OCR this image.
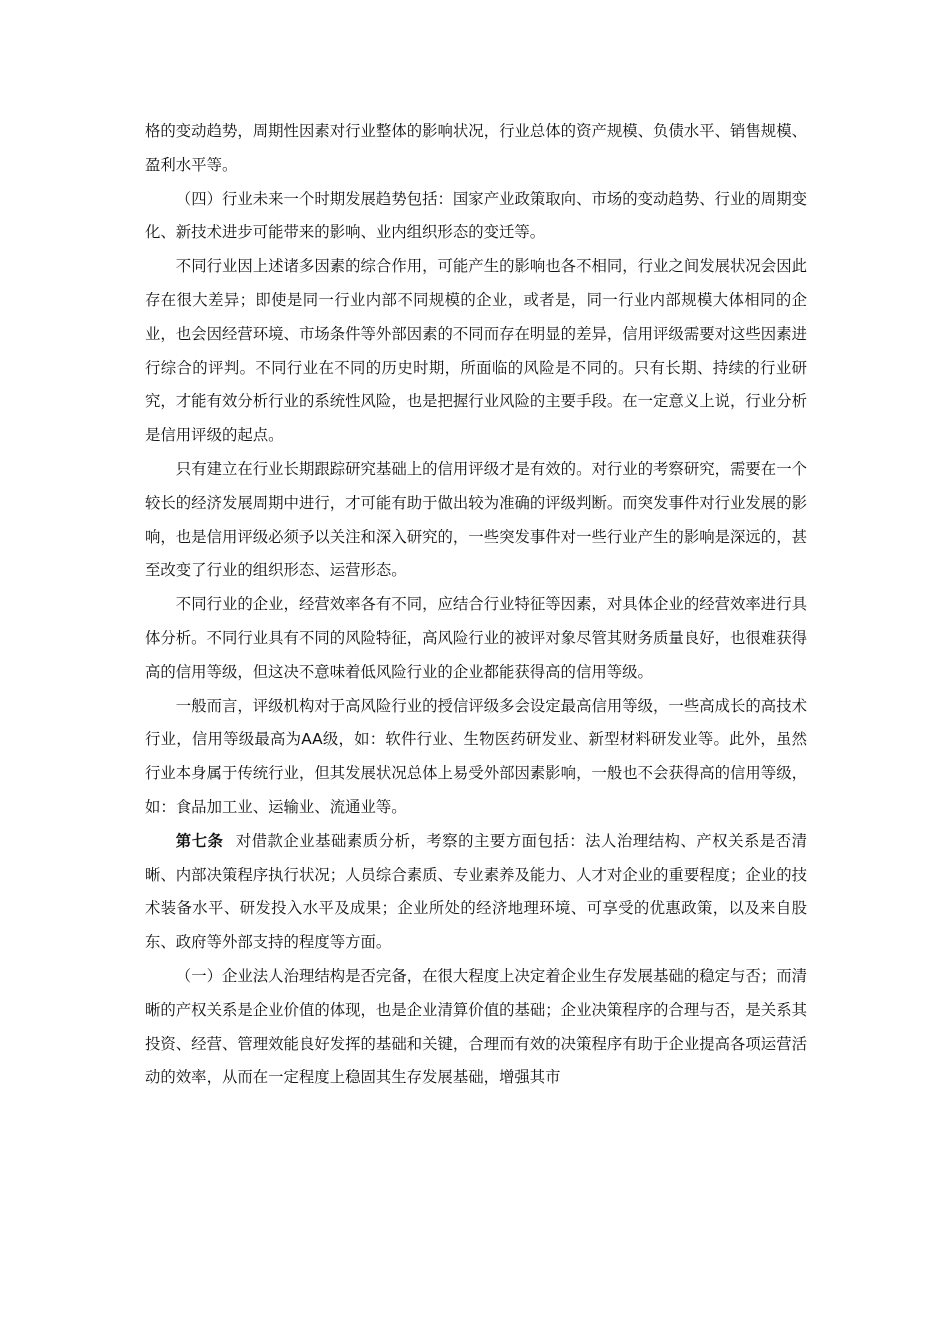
格的变动趋势，周期性因素对行业整体的影响状况，行业总体的资产规模、负债水平、销售规模、盈利水平等。

（四）行业未来一个时期发展趋势包括：国家产业政策取向、市场的变动趋势、行业的周期变化、新技术进步可能带来的影响、业内组织形态的变迁等。

不同行业因上述诸多因素的综合作用，可能产生的影响也各不相同，行业之间发展状况会因此存在很大差异；即使是同一行业内部不同规模的企业，或者是，同一行业内部规模大体相同的企业，也会因经营环境、市场条件等外部因素的不同而存在明显的差异，信用评级需要对这些因素进行综合的评判。不同行业在不同的历史时期，所面临的风险是不同的。只有长期、持续的行业研究，才能有效分析行业的系统性风险，也是把握行业风险的主要手段。在一定意义上说，行业分析是信用评级的起点。

只有建立在行业长期跟踪研究基础上的信用评级才是有效的。对行业的考察研究，需要在一个较长的经济发展周期中进行，才可能有助于做出较为准确的评级判断。而突发事件对行业发展的影响，也是信用评级必须予以关注和深入研究的，一些突发事件对一些行业产生的影响是深远的，甚至改变了行业的组织形态、运营形态。

不同行业的企业，经营效率各有不同，应结合行业特征等因素，对具体企业的经营效率进行具体分析。不同行业具有不同的风险特征，高风险行业的被评对象尽管其财务质量良好，也很难获得高的信用等级，但这决不意味着低风险行业的企业都能获得高的信用等级。

一般而言，评级机构对于高风险行业的授信评级多会设定最高信用等级，一些高成长的高技术行业，信用等级最高为AA级，如：软件行业、生物医药研发业、新型材料研发业等。此外，虽然行业本身属于传统行业，但其发展状况总体上易受外部因素影响，一般也不会获得高的信用等级，如：食品加工业、运输业、流通业等。

第七条 对借款企业基础素质分析，考察的主要方面包括：法人治理结构、产权关系是否清晰、内部决策程序执行状况；人员综合素质、专业素养及能力、人才对企业的重要程度；企业的技术装备水平、研发投入水平及成果；企业所处的经济地理环境、可享受的优惠政策，以及来自股东、政府等外部支持的程度等方面。

（一）企业法人治理结构是否完备，在很大程度上决定着企业生存发展基础的稳定与否；而清晰的产权关系是企业价值的体现，也是企业清算价值的基础；企业决策程序的合理与否，是关系其投资、经营、管理效能良好发挥的基础和关键，合理而有效的决策程序有助于企业提高各项运营活动的效率，从而在一定程度上稳固其生存发展基础，增强其市
